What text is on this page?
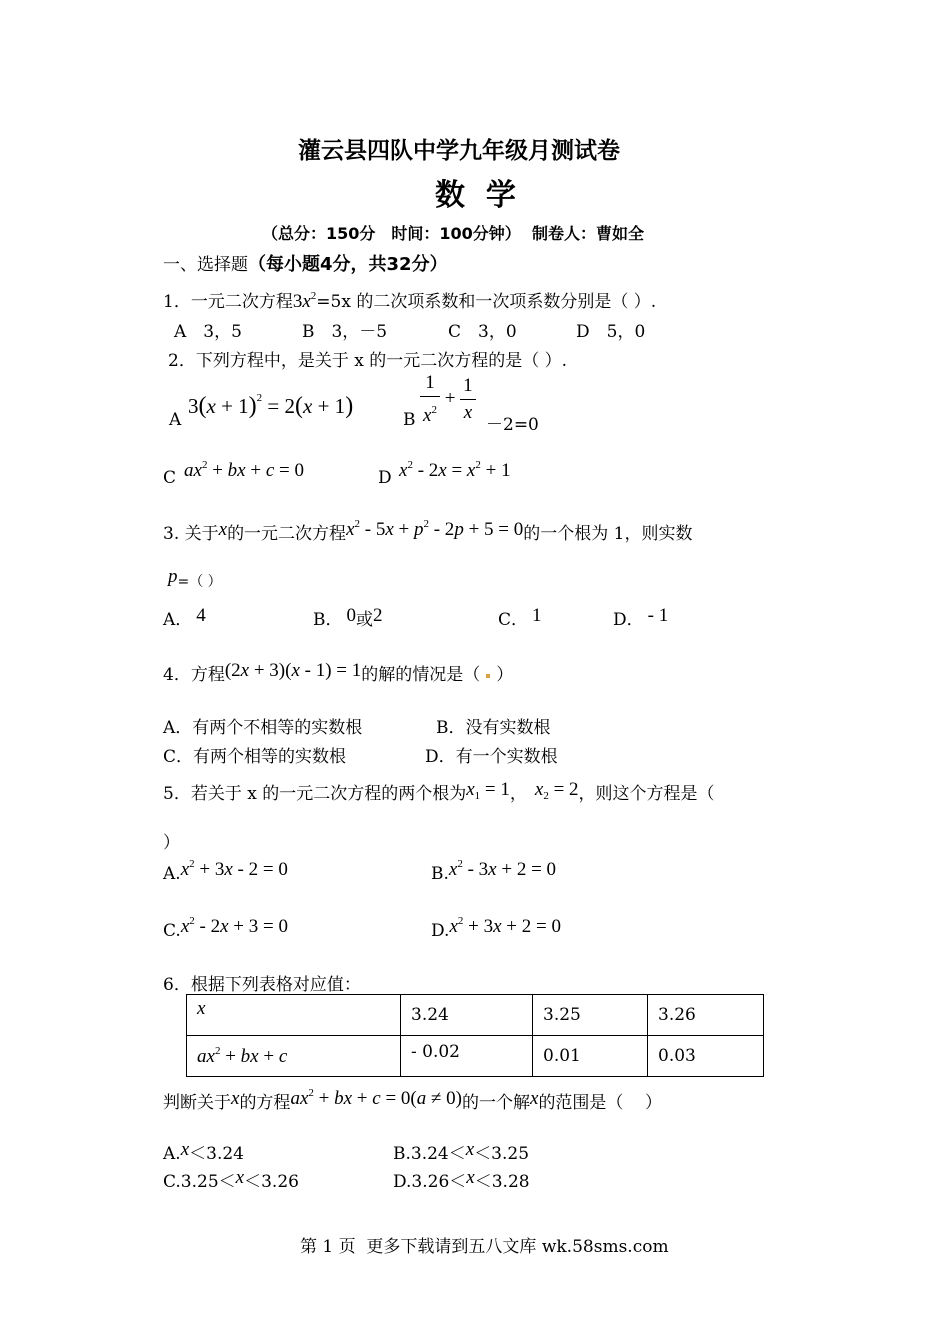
灌云县四队中学九年级月测试卷
数  学
（总分：150分　时间：100分钟）  制卷人：曹如全
一、选择题（每小题4分，共32分）
1．一元二次方程$3x^2=5x$ 的二次项系数和一次项系数分别是（ ）.
A　3，5	B　3，－5	C　3，0	D　5，0
2．下列方程中，是关于 x 的一元二次方程的是（ ）.
A
$3(x + 1)^2 = 2(x + 1)$
B $\frac{1}{x^2} + \frac{1}{x} -2=0$
C $ax^2$ + bx + c = 0	D $x^2 - 2x = x^2 + 1$
3. 关于x的一元二次方程$x^2 - 5x + p^2 - 2p + 5 = 0$的一个根为 1，则实数
p=（ ）
A． 4	B． 0或2	C． 1	D． - 1
4．方程(2x + 3)(x - 1) = 1的解的情况是（ ）
A．有两个不相等的实数根	B．没有实数根
C．有两个相等的实数根	D．有一个实数根
5．若关于 x 的一元二次方程的两个根为$x_1 = 1$， $x_2 = 2$，则这个方程是（
）
$A.x^2 + 3x - 2 = 0$	$B.x^2 - 3x + 2 = 0$
$C.x^2 - 2x + 3 = 0$	$D.x^2 + 3x + 2 = 0$
6．根据下列表格对应值：
x	3.24	3.25	3.26
$ax^2$ + bx + c	- 0.02	0.01	0.03
判断关于x的方程$ax^2$ + bx + c = 0(a ≠ 0)的一个解x的范围是（    ）
A.x＜3.24	B.3.24＜x＜3.25
C.3.25＜x＜3.26	D.3.26＜x＜3.28
第 1 页  更多下载请到五八文库 wk.58sms.com
